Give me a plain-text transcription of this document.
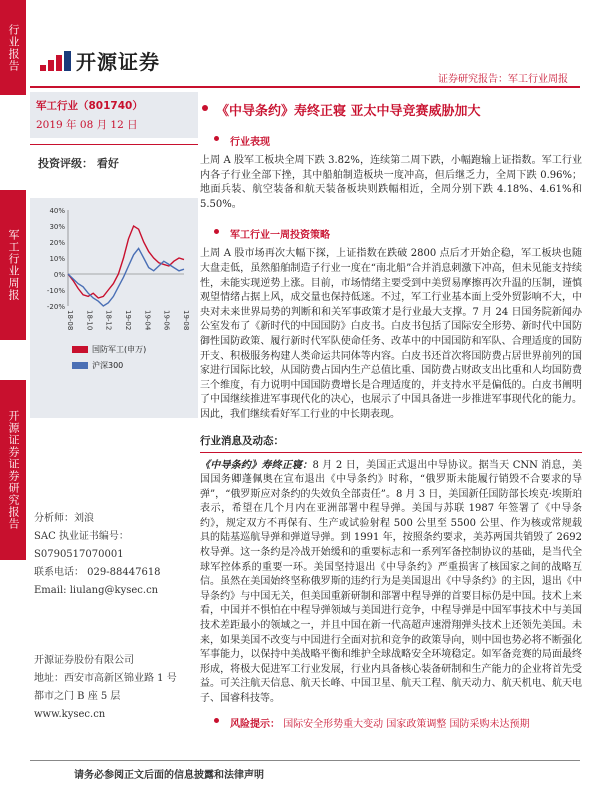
行业报告
军工行业周报
开源证券证券研究报告
开源证券
证券研究报告：军工行业周报
军工行业（801740）
2019 年 08 月 12 日
投资评级： 看好
40%
30%
20%
10%
0%
-10%
-20%
18-08 18-10 18-12 19-02 19-04 19-06 19-08
国防军工(申万)
沪深300
分析师：刘浪
SAC 执业证书编号：
S0790517070001
联系电话： 029-88447618
Email: liulang@kysec.cn
开源证券股份有限公司
地址：西安市高新区锦业路 1 号
都市之门 B 座 5 层
www.kysec.cn
《中导条约》寿终正寝 亚太中导竞赛威胁加大
行业表现

上周 A 股军工板块全周下跌 3.82%，连续第二周下跌，小幅跑输上证指数。军工行业内各子行业全部下挫，其中船舶制造板块一度冲高，但后继乏力，全周下跌 0.96%；地面兵装、航空装备和航天装备板块则跌幅相近，全周分别下跌 4.18%、4.61%和 5.50%。

军工行业一周投资策略

上周 A 股市场再次大幅下探，上证指数在跌破 2800 点后才开始企稳，军工板块也随大盘走低，虽然船舶制造子行业一度在“南北船”合并消息刺激下冲高，但未见能支持续性，未能实现逆势上涨。目前，市场情绪主要受到中美贸易摩擦再次升温的压制，谨慎观望情绪占据上风，成交量也保持低迷。不过，军工行业基本面上受外贸影响不大，中央对未来世界局势的判断和和关军事政策才是行业最大支撑。7 月 24 日国务院新闻办公室发布了《新时代的中国国防》白皮书。白皮书包括了国际安全形势、新时代中国防御性国防政策、履行新时代军队使命任务、改革中的中国国防和军队、合理适度的国防开支、积极服务构建人类命运共同体等内容。白皮书还首次将国防费占居世界前列的国家进行国际比较，从国防费占国内生产总值比重、国防费占财政支出比重和人均国防费三个维度，有力说明中国国防费增长是合理适度的，并支持水平是偏低的。白皮书阐明了中国继续推进军事现代化的决心，也展示了中国具备进一步推进军事现代化的能力。因此，我们继续看好军工行业的中长期表现。

行业消息及动态：

《中导条约》寿终正寝：8 月 2 日，美国正式退出中导协议。据当天 CNN 消息，美国国务卿蓬佩奥在宣布退出《中导条约》时称，“俄罗斯未能履行销毁不合要求的导弹”，“俄罗斯应对条约的失效负全部责任”。8 月 3 日，美国新任国防部长埃克·埃斯珀表示，希望在几个月内在亚洲部署中程导弹。美国与苏联 1987 年签署了《中导条约》，规定双方不再保有、生产或试验射程 500 公里至 5500 公里、作为核或常规载具的陆基巡航导弹和弹道导弹。到 1991 年，按照条约要求，美苏两国共销毁了 2692 枚导弹。这一条约是冷战开始缓和的重要标志和一系列军备控制协议的基础，是当代全球军控体系的重要一环。美国坚持退出《中导条约》严重损害了核国家之间的战略互信。虽然在美国始终坚称俄罗斯的违约行为是美国退出《中导条约》的主因，退出《中导条约》与中国无关，但美国重新研制和部署中程导弹的首要目标仍是中国。技术上来看，中国并不惧怕在中程导弹领域与美国进行竞争，中程导弹是中国军事技术中与美国技术差距最小的领域之一，并且中国在新一代高超声速滑翔弹头技术上还领先美国。未来，如果美国不改变与中国进行全面对抗和竞争的政策导向，则中国也势必将不断强化军事能力，以保持中美战略平衡和维护全球战略安全环境稳定。如军备竞赛的局面最终形成，将极大促进军工行业发展，行业内具备核心装备研制和生产能力的企业将首先受益。可关注航天信息、航天长峰、中国卫星、航天工程、航天动力、航天机电、航天电子、国睿科技等。

风险提示： 国际安全形势重大变动 国家政策调整 国防采购未达预期
请务必参阅正文后面的信息披露和法律声明
